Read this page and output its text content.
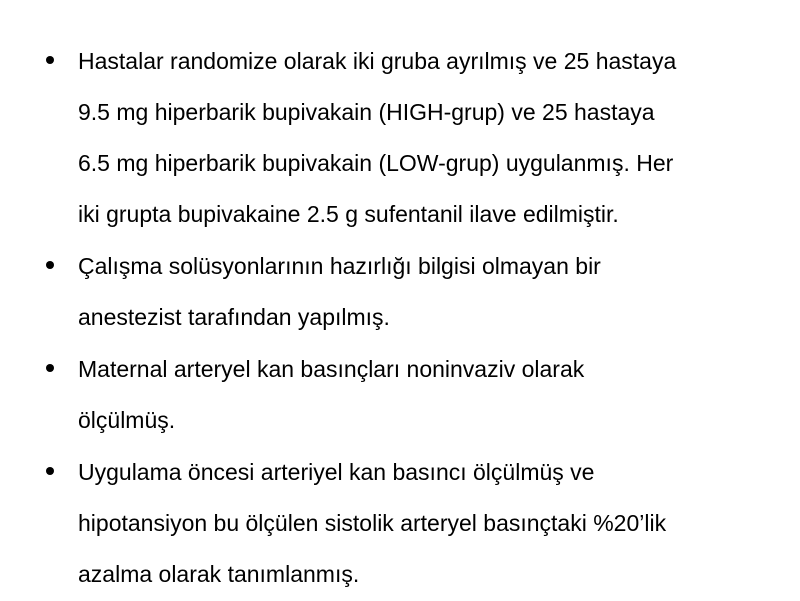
Hastalar randomize olarak iki gruba ayrılmış ve 25 hastaya
9.5 mg hiperbarik bupivakain (HIGH-grup) ve 25 hastaya
6.5 mg hiperbarik bupivakain (LOW-grup) uygulanmış. Her
iki grupta bupivakaine 2.5 g sufentanil ilave edilmiştir.
Çalışma solüsyonlarının hazırlığı bilgisi olmayan bir
anestezist tarafından yapılmış.
Maternal arteryel kan basınçları noninvaziv olarak
ölçülmüş.
Uygulama öncesi arteriyel kan basıncı ölçülmüş ve
hipotansiyon bu ölçülen sistolik arteryel basınçtaki %20’lik
azalma olarak tanımlanmış.
